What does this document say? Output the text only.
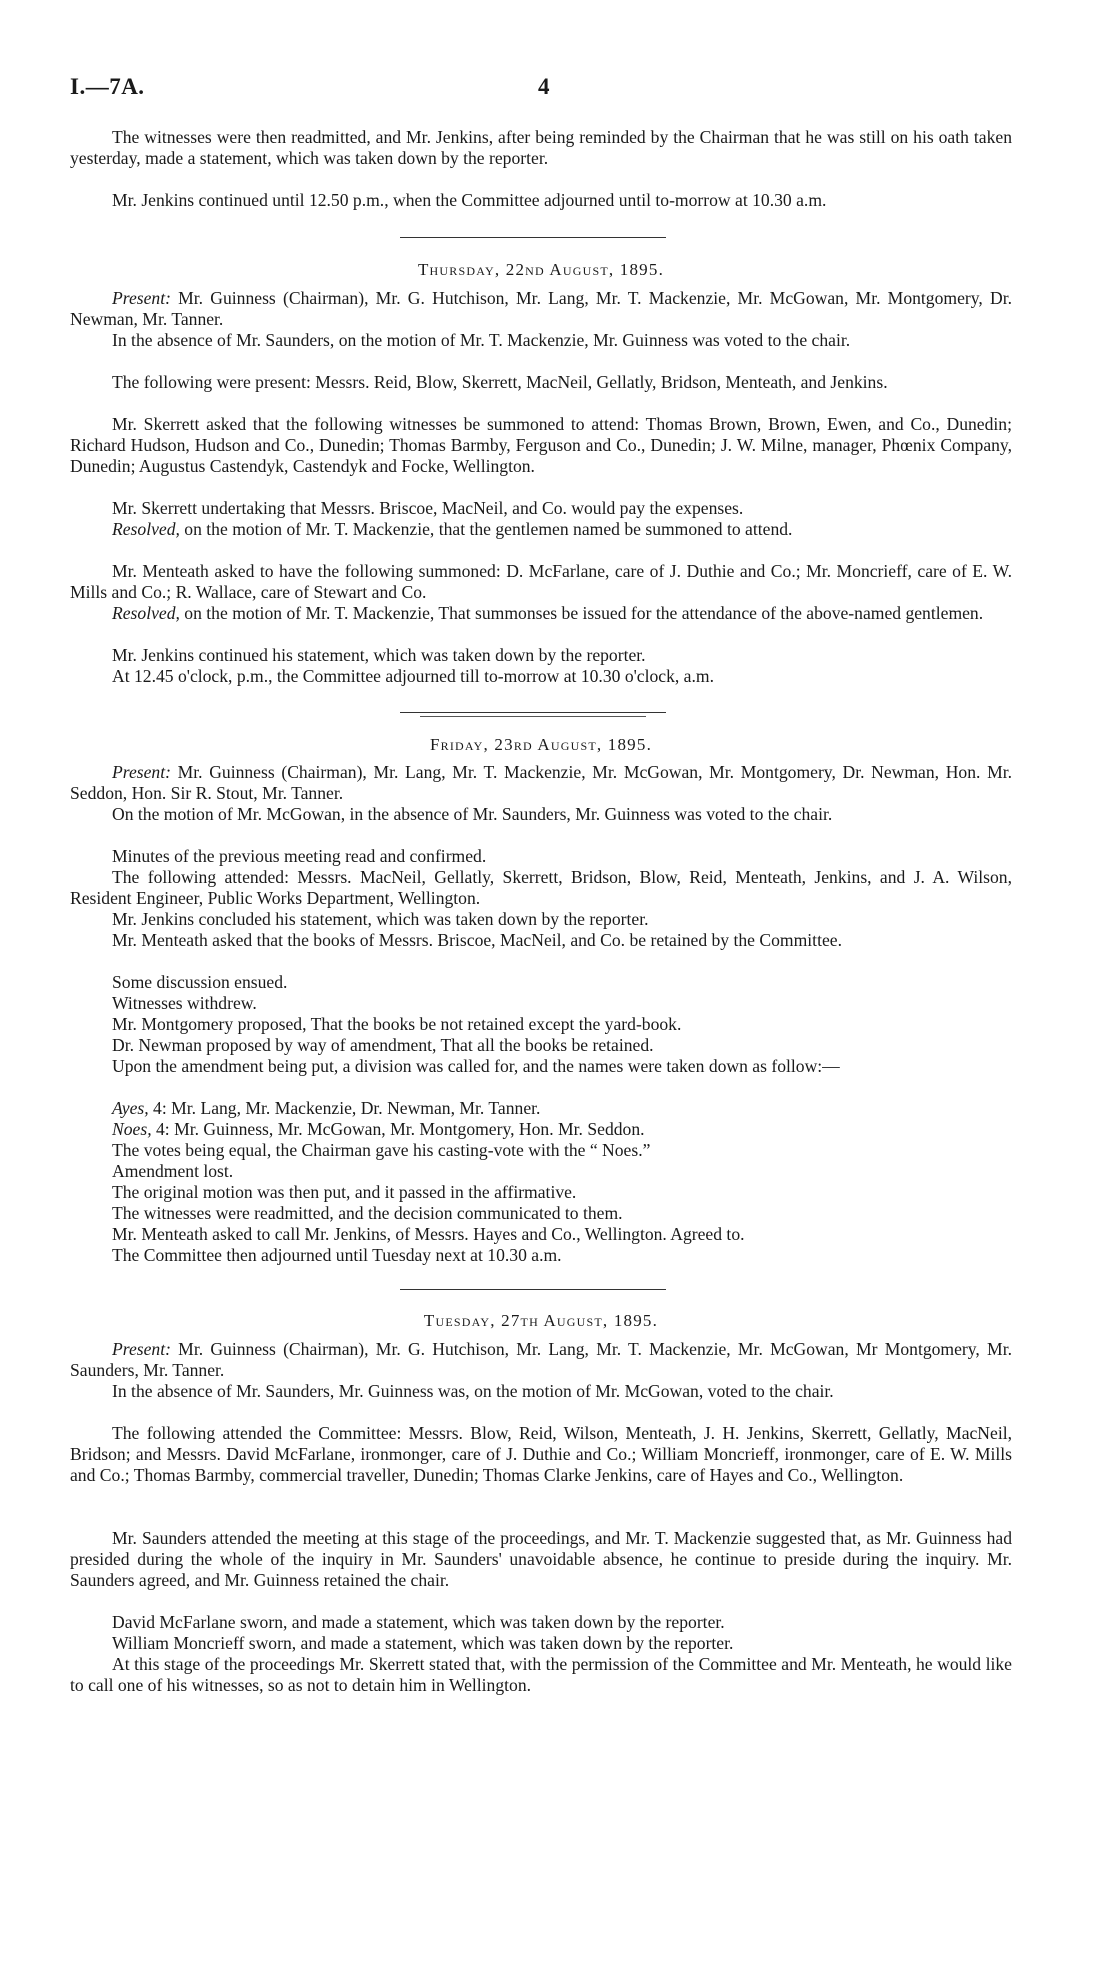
I.—7A.	4
The witnesses were then readmitted, and Mr. Jenkins, after being reminded by the Chairman that he was still on his oath taken yesterday, made a statement, which was taken down by the reporter.
Mr. Jenkins continued until 12.50 p.m., when the Committee adjourned until to-morrow at 10.30 a.m.
Thursday, 22nd August, 1895.
Present: Mr. Guinness (Chairman), Mr. G. Hutchison, Mr. Lang, Mr. T. Mackenzie, Mr. McGowan, Mr. Montgomery, Dr. Newman, Mr. Tanner.
In the absence of Mr. Saunders, on the motion of Mr. T. Mackenzie, Mr. Guinness was voted to the chair.
The following were present: Messrs. Reid, Blow, Skerrett, MacNeil, Gellatly, Bridson, Menteath, and Jenkins.
Mr. Skerrett asked that the following witnesses be summoned to attend: Thomas Brown, Brown, Ewen, and Co., Dunedin; Richard Hudson, Hudson and Co., Dunedin; Thomas Barmby, Ferguson and Co., Dunedin; J. W. Milne, manager, Phœnix Company, Dunedin; Augustus Castendyk, Castendyk and Focke, Wellington.
Mr. Skerrett undertaking that Messrs. Briscoe, MacNeil, and Co. would pay the expenses.
Resolved, on the motion of Mr. T. Mackenzie, that the gentlemen named be summoned to attend.
Mr. Menteath asked to have the following summoned: D. McFarlane, care of J. Duthie and Co.; Mr. Moncrieff, care of E. W. Mills and Co.; R. Wallace, care of Stewart and Co.
Resolved, on the motion of Mr. T. Mackenzie, That summonses be issued for the attendance of the above-named gentlemen.
Mr. Jenkins continued his statement, which was taken down by the reporter.
At 12.45 o'clock, p.m., the Committee adjourned till to-morrow at 10.30 o'clock, a.m.
Friday, 23rd August, 1895.
Present: Mr. Guinness (Chairman), Mr. Lang, Mr. T. Mackenzie, Mr. McGowan, Mr. Montgomery, Dr. Newman, Hon. Mr. Seddon, Hon. Sir R. Stout, Mr. Tanner.
On the motion of Mr. McGowan, in the absence of Mr. Saunders, Mr. Guinness was voted to the chair.
Minutes of the previous meeting read and confirmed.
The following attended: Messrs. MacNeil, Gellatly, Skerrett, Bridson, Blow, Reid, Menteath, Jenkins, and J. A. Wilson, Resident Engineer, Public Works Department, Wellington.
Mr. Jenkins concluded his statement, which was taken down by the reporter.
Mr. Menteath asked that the books of Messrs. Briscoe, MacNeil, and Co. be retained by the Committee.
Some discussion ensued.
Witnesses withdrew.
Mr. Montgomery proposed, That the books be not retained except the yard-book.
Dr. Newman proposed by way of amendment, That all the books be retained.
Upon the amendment being put, a division was called for, and the names were taken down as follow:—
Ayes, 4: Mr. Lang, Mr. Mackenzie, Dr. Newman, Mr. Tanner.
Noes, 4: Mr. Guinness, Mr. McGowan, Mr. Montgomery, Hon. Mr. Seddon.
The votes being equal, the Chairman gave his casting-vote with the “ Noes.”
Amendment lost.
The original motion was then put, and it passed in the affirmative.
The witnesses were readmitted, and the decision communicated to them.
Mr. Menteath asked to call Mr. Jenkins, of Messrs. Hayes and Co., Wellington. Agreed to.
The Committee then adjourned until Tuesday next at 10.30 a.m.
Tuesday, 27th August, 1895.
Present: Mr. Guinness (Chairman), Mr. G. Hutchison, Mr. Lang, Mr. T. Mackenzie, Mr. McGowan, Mr Montgomery, Mr. Saunders, Mr. Tanner.
In the absence of Mr. Saunders, Mr. Guinness was, on the motion of Mr. McGowan, voted to the chair.
The following attended the Committee: Messrs. Blow, Reid, Wilson, Menteath, J. H. Jenkins, Skerrett, Gellatly, MacNeil, Bridson; and Messrs. David McFarlane, ironmonger, care of J. Duthie and Co.; William Moncrieff, ironmonger, care of E. W. Mills and Co.; Thomas Barmby, commercial traveller, Dunedin; Thomas Clarke Jenkins, care of Hayes and Co., Wellington.
Mr. Saunders attended the meeting at this stage of the proceedings, and Mr. T. Mackenzie suggested that, as Mr. Guinness had presided during the whole of the inquiry in Mr. Saunders' unavoidable absence, he continue to preside during the inquiry. Mr. Saunders agreed, and Mr. Guinness retained the chair.
David McFarlane sworn, and made a statement, which was taken down by the reporter.
William Moncrieff sworn, and made a statement, which was taken down by the reporter.
At this stage of the proceedings Mr. Skerrett stated that, with the permission of the Committee and Mr. Menteath, he would like to call one of his witnesses, so as not to detain him in Wellington.
